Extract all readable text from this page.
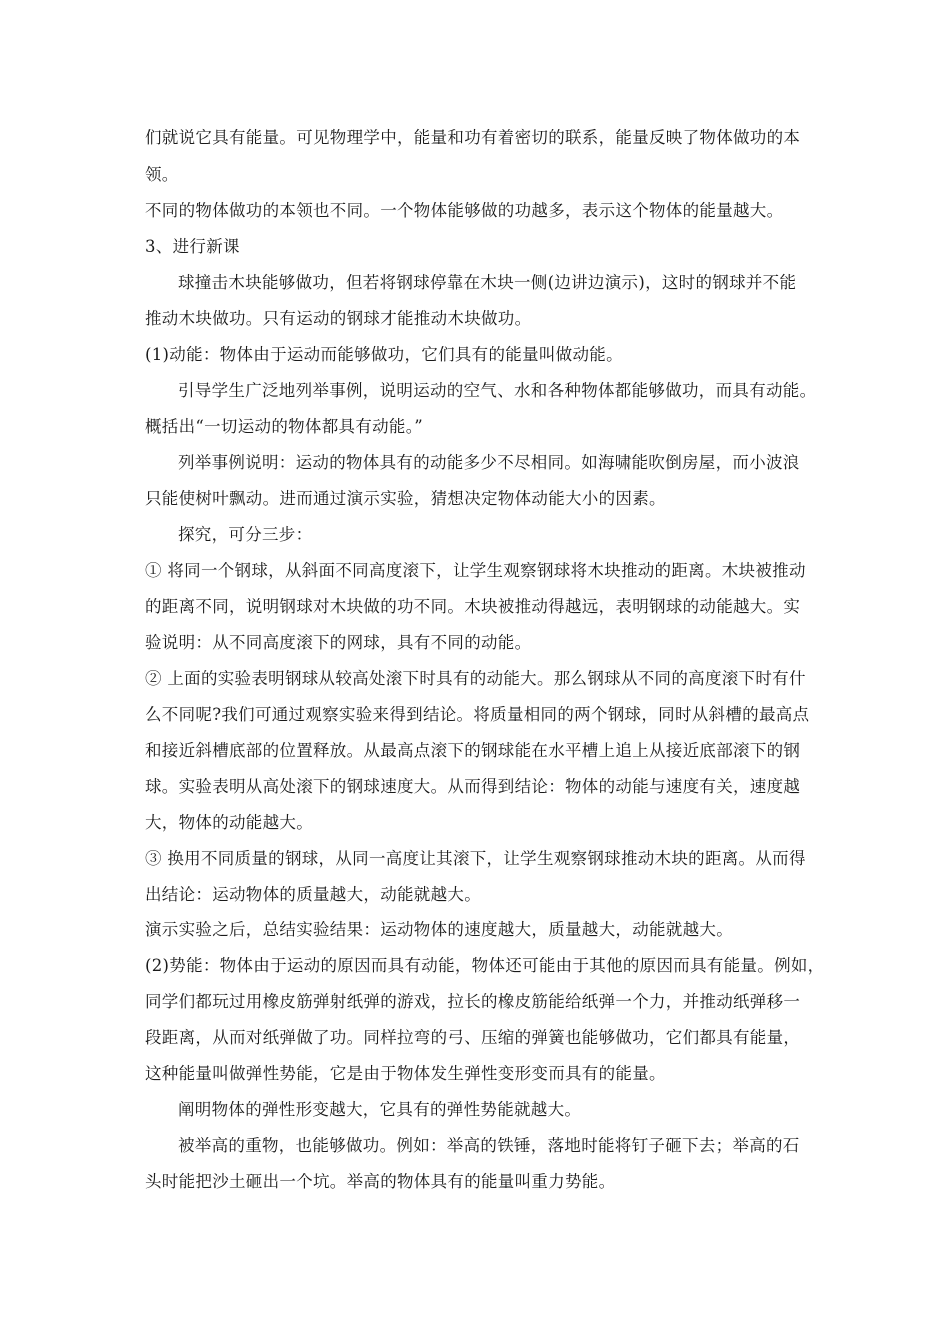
们就说它具有能量。可见物理学中，能量和功有着密切的联系，能量反映了物体做功的本
领。
不同的物体做功的本领也不同。一个物体能够做的功越多，表示这个物体的能量越大。
3、进行新课
球撞击木块能够做功，但若将钢球停靠在木块一侧(边讲边演示)，这时的钢球并不能
推动木块做功。只有运动的钢球才能推动木块做功。
(1)动能：物体由于运动而能够做功，它们具有的能量叫做动能。
引导学生广泛地列举事例，说明运动的空气、水和各种物体都能够做功，而具有动能。
概括出“一切运动的物体都具有动能。”
列举事例说明：运动的物体具有的动能多少不尽相同。如海啸能吹倒房屋，而小波浪
只能使树叶飘动。进而通过演示实验，猜想决定物体动能大小的因素。
探究，可分三步：
① 将同一个钢球，从斜面不同高度滚下，让学生观察钢球将木块推动的距离。木块被推动
的距离不同，说明钢球对木块做的功不同。木块被推动得越远，表明钢球的动能越大。实
验说明：从不同高度滚下的网球，具有不同的动能。
② 上面的实验表明钢球从较高处滚下时具有的动能大。那么钢球从不同的高度滚下时有什
么不同呢?我们可通过观察实验来得到结论。将质量相同的两个钢球，同时从斜槽的最高点
和接近斜槽底部的位置释放。从最高点滚下的钢球能在水平槽上追上从接近底部滚下的钢
球。实验表明从高处滚下的钢球速度大。从而得到结论：物体的动能与速度有关，速度越
大，物体的动能越大。
③ 换用不同质量的钢球，从同一高度让其滚下，让学生观察钢球推动木块的距离。从而得
出结论：运动物体的质量越大，动能就越大。
演示实验之后，总结实验结果：运动物体的速度越大，质量越大，动能就越大。
(2)势能：物体由于运动的原因而具有动能，物体还可能由于其他的原因而具有能量。例如，
同学们都玩过用橡皮筋弹射纸弹的游戏，拉长的橡皮筋能给纸弹一个力，并推动纸弹移一
段距离，从而对纸弹做了功。同样拉弯的弓、压缩的弹簧也能够做功，它们都具有能量，
这种能量叫做弹性势能，它是由于物体发生弹性变形变而具有的能量。
阐明物体的弹性形变越大，它具有的弹性势能就越大。
被举高的重物，也能够做功。例如：举高的铁锤，落地时能将钉子砸下去；举高的石
头时能把沙土砸出一个坑。举高的物体具有的能量叫重力势能。
